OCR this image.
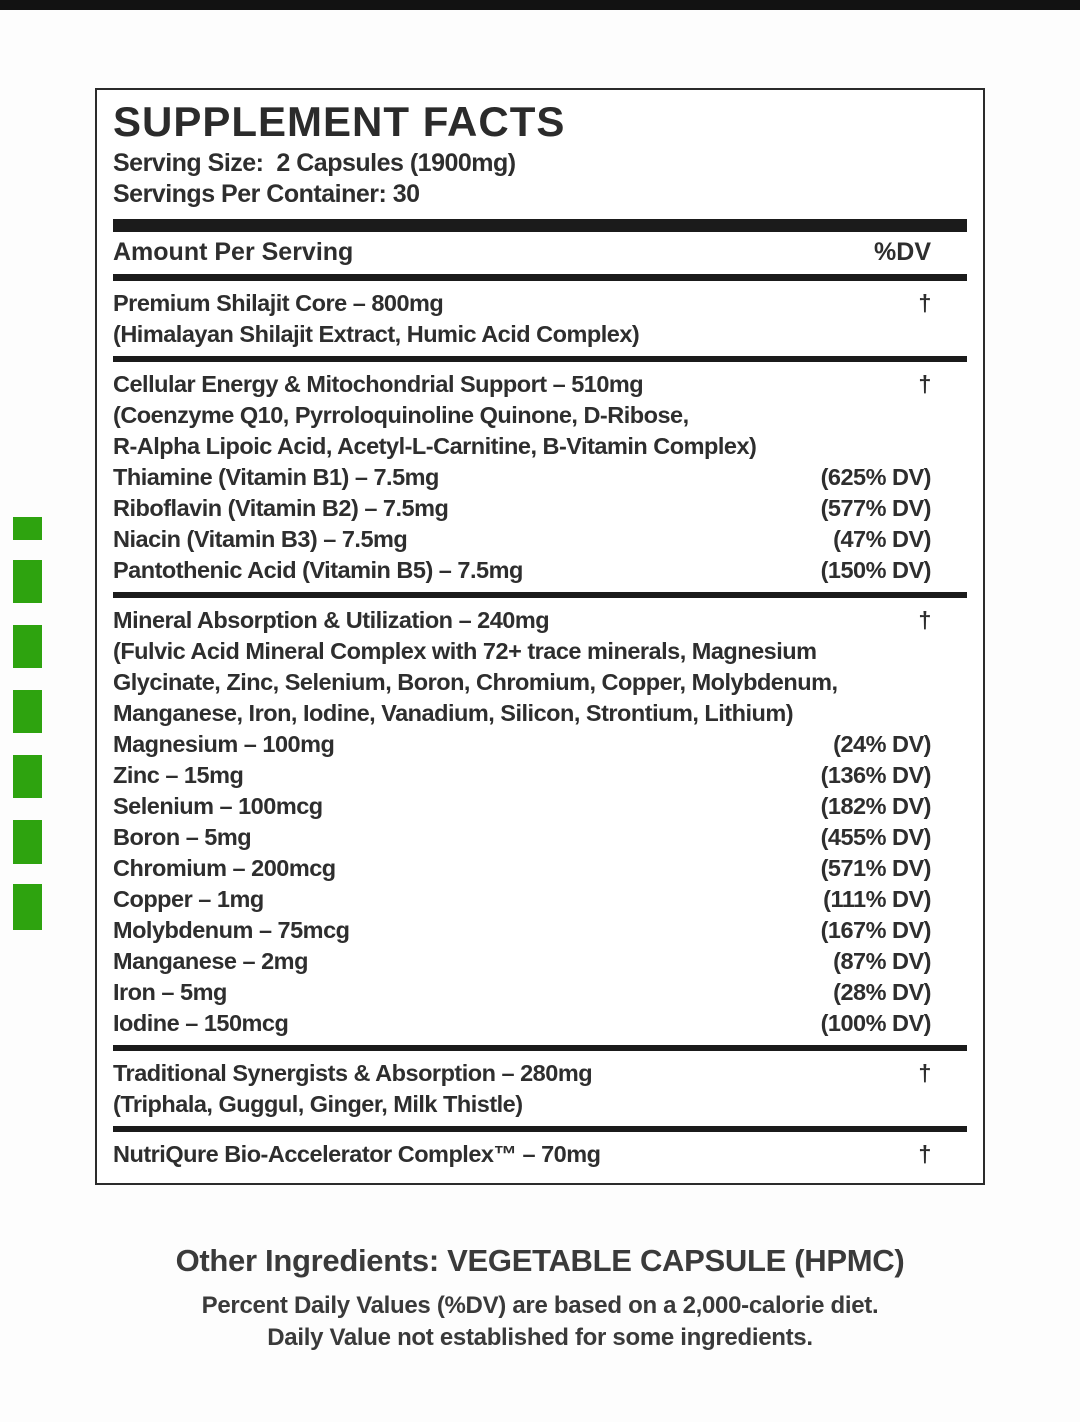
SUPPLEMENT FACTS
Serving Size:  2 Capsules (1900mg)
Servings Per Container: 30
Amount Per Serving	%DV
Premium Shilajit Core – 800mg	†
(Himalayan Shilajit Extract, Humic Acid Complex)
Cellular Energy & Mitochondrial Support – 510mg	†
(Coenzyme Q10, Pyrroloquinoline Quinone, D-Ribose,
R-Alpha Lipoic Acid, Acetyl-L-Carnitine, B-Vitamin Complex)
Thiamine (Vitamin B1) – 7.5mg	(625% DV)
Riboflavin (Vitamin B2) – 7.5mg	(577% DV)
Niacin (Vitamin B3) – 7.5mg	(47% DV)
Pantothenic Acid (Vitamin B5) – 7.5mg	(150% DV)
Mineral Absorption & Utilization – 240mg	†
(Fulvic Acid Mineral Complex with 72+ trace minerals, Magnesium
Glycinate, Zinc, Selenium, Boron, Chromium, Copper, Molybdenum,
Manganese, Iron, Iodine, Vanadium, Silicon, Strontium, Lithium)
Magnesium – 100mg	(24% DV)
Zinc – 15mg	(136% DV)
Selenium – 100mcg	(182% DV)
Boron – 5mg	(455% DV)
Chromium – 200mcg	(571% DV)
Copper – 1mg	(111% DV)
Molybdenum – 75mcg	(167% DV)
Manganese – 2mg	(87% DV)
Iron – 5mg	(28% DV)
Iodine – 150mcg	(100% DV)
Traditional Synergists & Absorption – 280mg	†
(Triphala, Guggul, Ginger, Milk Thistle)
NutriQure Bio-Accelerator Complex™ – 70mg	†
Other Ingredients: VEGETABLE CAPSULE (HPMC)
Percent Daily Values (%DV) are based on a 2,000-calorie diet.
Daily Value not established for some ingredients.
